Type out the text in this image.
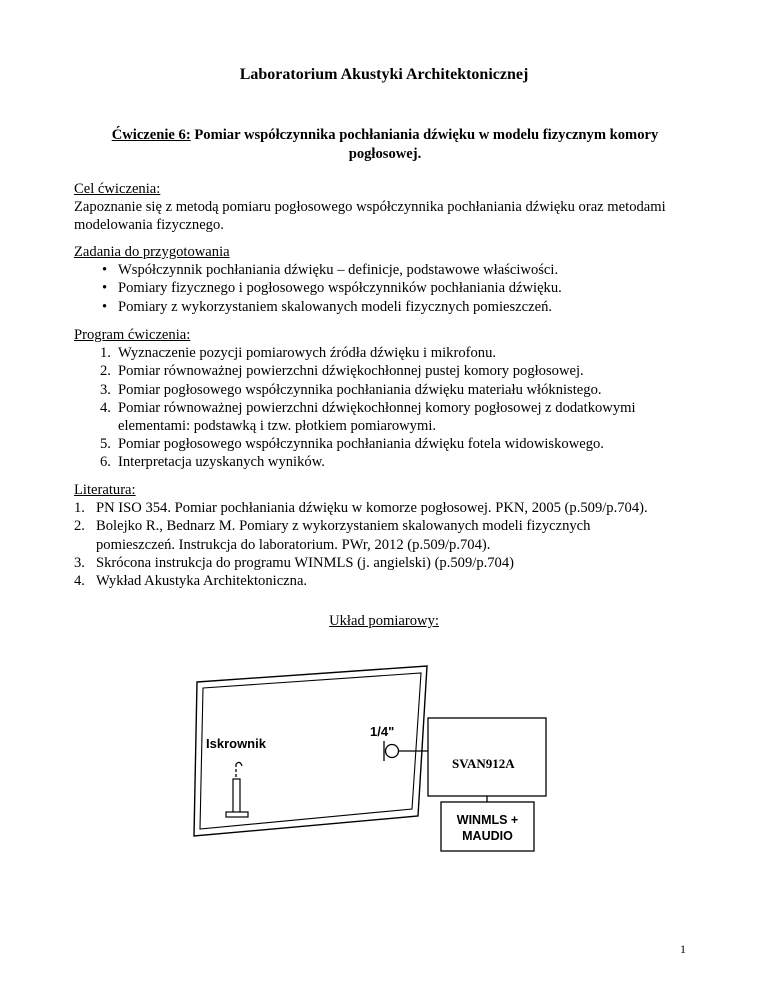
Laboratorium Akustyki Architektonicznej
Ćwiczenie 6: Pomiar współczynnika pochłaniania dźwięku w modelu fizycznym komory pogłosowej.
Cel ćwiczenia:
Zapoznanie się z metodą pomiaru pogłosowego współczynnika pochłaniania dźwięku oraz metodami modelowania fizycznego.
Zadania do przygotowania
• Współczynnik pochłaniania dźwięku – definicje, podstawowe właściwości.
• Pomiary fizycznego i pogłosowego współczynników pochłaniania dźwięku.
• Pomiary z wykorzystaniem skalowanych modeli fizycznych pomieszczeń.
Program ćwiczenia:
1. Wyznaczenie pozycji pomiarowych źródła dźwięku i mikrofonu.
2. Pomiar równoważnej powierzchni dźwiękochłonnej pustej komory pogłosowej.
3. Pomiar pogłosowego współczynnika pochłaniania dźwięku materiału włóknistego.
4. Pomiar równoważnej powierzchni dźwiękochłonnej komory pogłosowej z dodatkowymi elementami: podstawką i tzw. płotkiem pomiarowymi.
5. Pomiar pogłosowego współczynnika pochłaniania dźwięku fotela widowiskowego.
6. Interpretacja uzyskanych wyników.
Literatura:
1. PN ISO 354. Pomiar pochłaniania dźwięku w komorze pogłosowej. PKN, 2005 (p.509/p.704).
2. Bolejko R., Bednarz M. Pomiary z wykorzystaniem skalowanych modeli fizycznych pomieszczeń. Instrukcja do laboratorium. PWr, 2012 (p.509/p.704).
3. Skrócona instrukcja do programu WINMLS (j. angielski) (p.509/p.704)
4. Wykład Akustyka Architektoniczna.
Układ pomiarowy:
Iskrownik
1/4"
SVAN912A
WINMLS +
MAUDIO
1
